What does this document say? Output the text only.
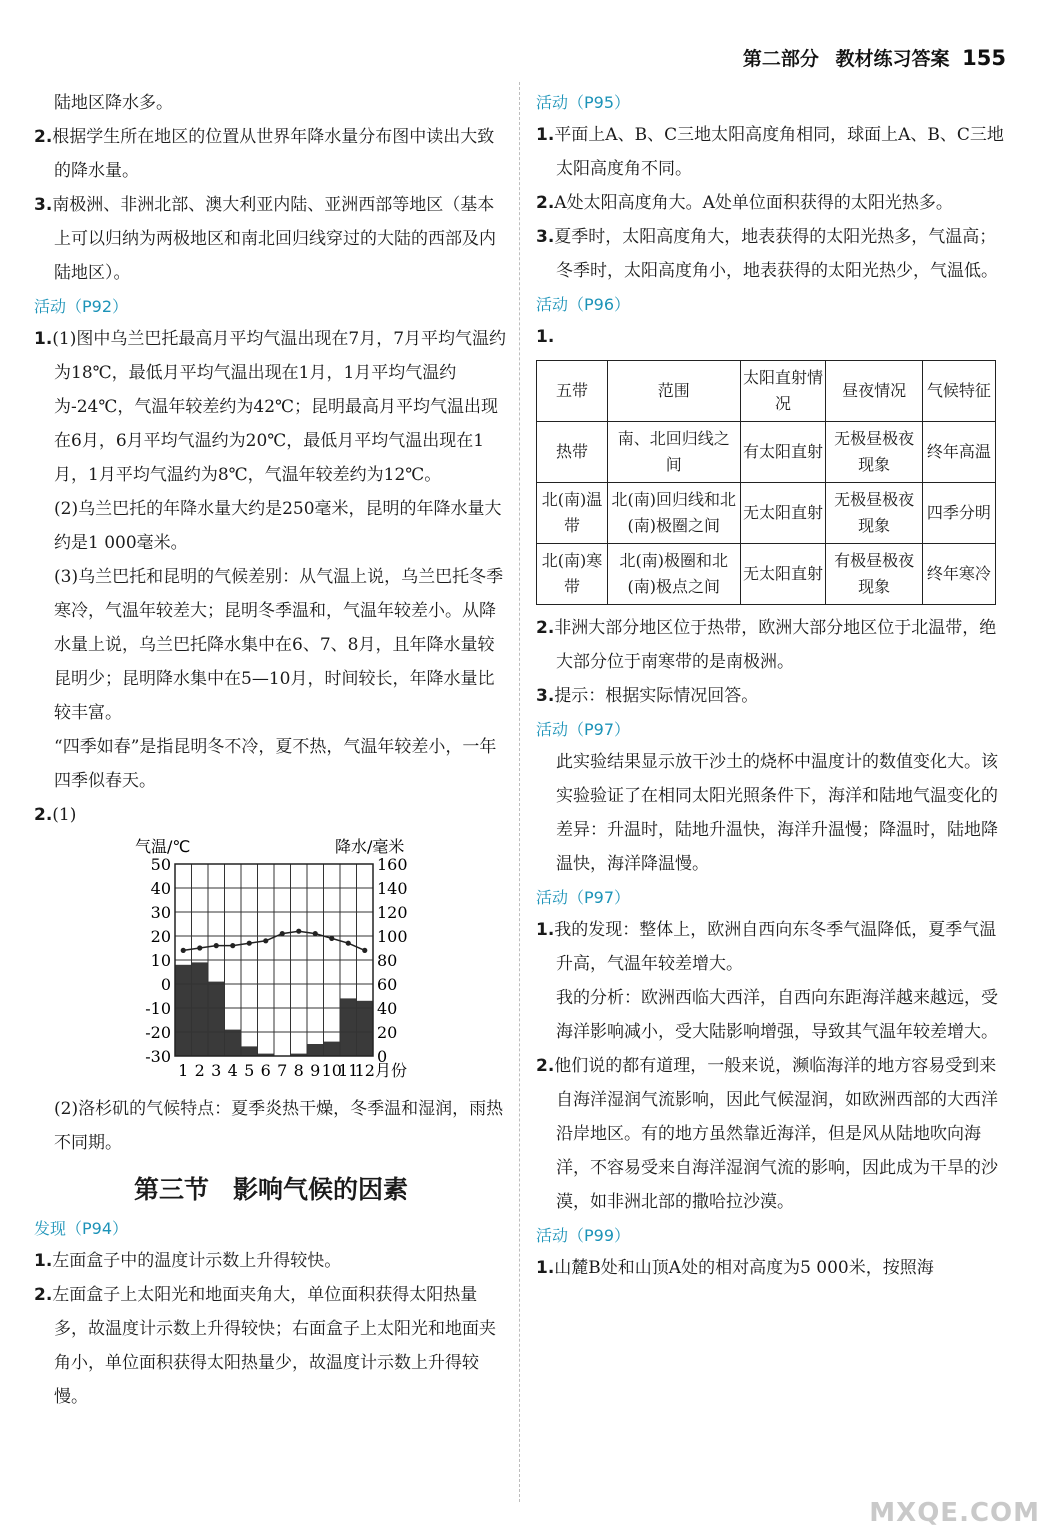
第二部分 教材练习答案 155

陆地区降水多。

2.根据学生所在地区的位置从世界年降水量分布图中读出大致的降水量。

3.南极洲、非洲北部、澳大利亚内陆、亚洲西部等地区（基本上可以归纳为两极地区和南北回归线穿过的大陆的西部及内陆地区）。

活动（P92）

1.(1)图中乌兰巴托最高月平均气温出现在7月，7月平均气温约为18℃，最低月平均气温出现在1月，1月平均气温约为-24℃，气温年较差约为42℃；昆明最高月平均气温出现在6月，6月平均气温约为20℃，最低月平均气温出现在1月，1月平均气温约为8℃，气温年较差约为12℃。

(2)乌兰巴托的年降水量大约是250毫米，昆明的年降水量大约是1 000毫米。

(3)乌兰巴托和昆明的气候差别：从气温上说，乌兰巴托冬季寒冷，气温年较差大；昆明冬季温和，气温年较差小。从降水量上说，乌兰巴托降水集中在6、7、8月，且年降水量较昆明少；昆明降水集中在5—10月，时间较长，年降水量比较丰富。

“四季如春”是指昆明冬不冷，夏不热，气温年较差小，一年四季似春天。

2.(1)

气温/℃	降水/毫米
50
40
30
20
10
0
-10
-20
-30
160
140
120
100
80
60
40
20
0
1 2 3 4 5 6 7 8 9 10
11
12 月份

(2)洛杉矶的气候特点：夏季炎热干燥，冬季温和湿润，雨热不同期。

第三节 影响气候的因素

发现（P94）

1.左面盒子中的温度计示数上升得较快。

2.左面盒子上太阳光和地面夹角大，单位面积获得太阳热量多，故温度计示数上升得较快；右面盒子上太阳光和地面夹角小，单位面积获得太阳热量少，故温度计示数上升得较慢。

活动（P95）

1.平面上A、B、C三地太阳高度角相同，球面上A、B、C三地太阳高度角不同。

2.A处太阳高度角大。A处单位面积获得的太阳光热多。

3.夏季时，太阳高度角大，地表获得的太阳光热多，气温高；冬季时，太阳高度角小，地表获得的太阳光热少，气温低。

活动（P96）

1.

五带	范围	太阳直射情况	昼夜情况	气候特征
热带	南、北回归线之间	有太阳直射	无极昼极夜现象	终年高温
北(南)温带	北(南)回归线和北(南)极圈之间	无太阳直射	无极昼极夜现象	四季分明
北(南)寒带	北(南)极圈和北(南)极点之间	无太阳直射	有极昼极夜现象	终年寒冷

2.非洲大部分地区位于热带，欧洲大部分地区位于北温带，绝大部分位于南寒带的是南极洲。

3.提示：根据实际情况回答。

活动（P97）

此实验结果显示放干沙土的烧杯中温度计的数值变化大。该实验验证了在相同太阳光照条件下，海洋和陆地气温变化的差异：升温时，陆地升温快，海洋升温慢；降温时，陆地降温快，海洋降温慢。

活动（P97）

1.我的发现：整体上，欧洲自西向东冬季气温降低，夏季气温升高，气温年较差增大。

我的分析：欧洲西临大西洋，自西向东距海洋越来越远，受海洋影响减小，受大陆影响增强，导致其气温年较差增大。

2.他们说的都有道理，一般来说，濒临海洋的地方容易受到来自海洋湿润气流影响，因此气候湿润，如欧洲西部的大西洋沿岸地区。有的地方虽然靠近海洋，但是风从陆地吹向海洋，不容易受来自海洋湿润气流的影响，因此成为干旱的沙漠，如非洲北部的撒哈拉沙漠。

活动（P99）

1.山麓B处和山顶A处的相对高度为5 000米，按照海

MXQE.COM
